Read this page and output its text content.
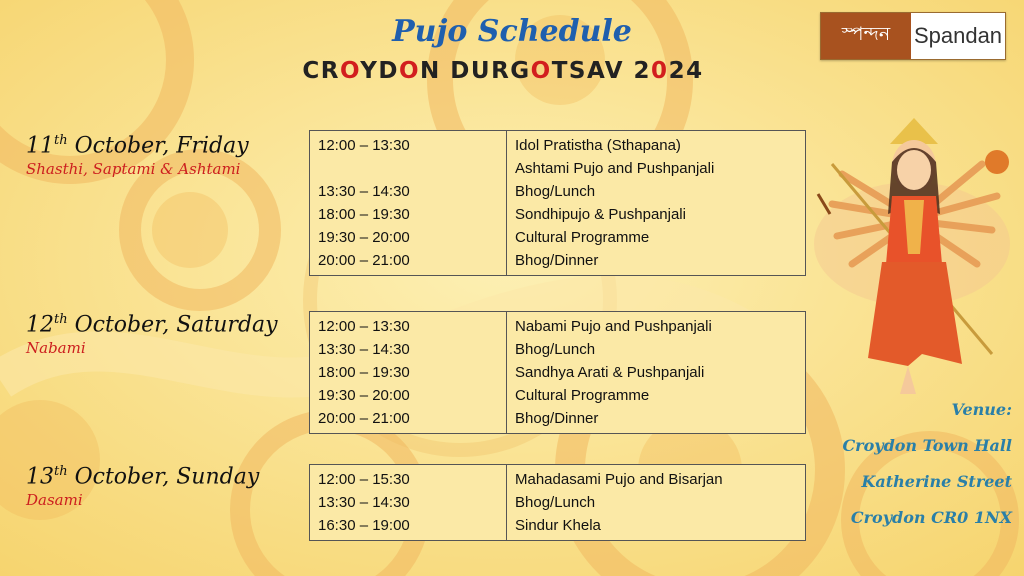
Pujo Schedule
CROYDON DURGOTSAV 2024
স্পন্দন	Spandan
11th October, Friday
Shasthi, Saptami & Ashtami
12:00 – 13:30	Idol Pratistha (Sthapana)
	Ashtami Pujo and Pushpanjali
13:30 – 14:30	Bhog/Lunch
18:00 – 19:30	Sondhipujo & Pushpanjali
19:30 – 20:00	Cultural Programme
20:00 – 21:00	Bhog/Dinner
12th October, Saturday
Nabami
12:00 – 13:30	Nabami Pujo and Pushpanjali
13:30 – 14:30	Bhog/Lunch
18:00 – 19:30	Sandhya Arati & Pushpanjali
19:30 – 20:00	Cultural Programme
20:00 – 21:00	Bhog/Dinner
13th October, Sunday
Dasami
12:00 – 15:30	Mahadasami Pujo and Bisarjan
13:30 – 14:30	Bhog/Lunch
16:30 – 19:00	Sindur Khela
Venue:
Croydon Town Hall
Katherine Street
Croydon CR0 1NX
